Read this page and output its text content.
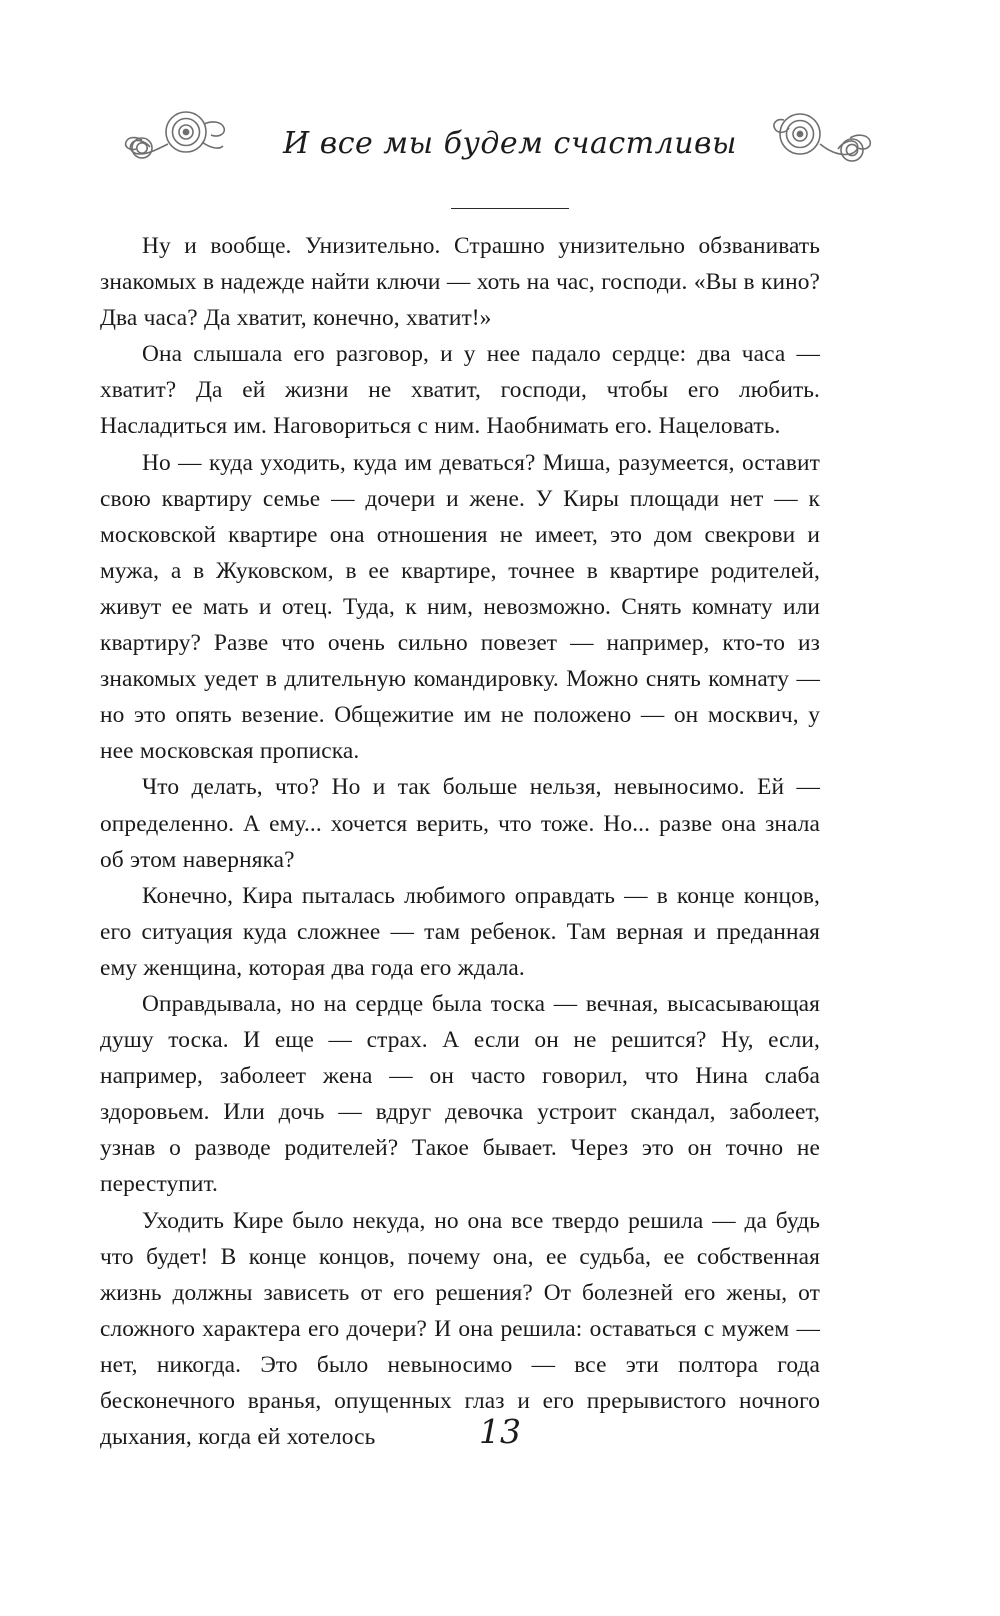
И все мы будем счастливы

Ну и вообще. Унизительно. Страшно унизительно обзванивать знакомых в надежде найти ключи — хоть на час, господи. «Вы в кино? Два часа? Да хватит, конечно, хватит!»

Она слышала его разговор, и у нее падало сердце: два часа — хватит? Да ей жизни не хватит, господи, чтобы его любить. Насладиться им. Наговориться с ним. Наобнимать его. Нацеловать.

Но — куда уходить, куда им деваться? Миша, разумеется, оставит свою квартиру семье — дочери и жене. У Киры площади нет — к московской квартире она отношения не имеет, это дом свекрови и мужа, а в Жуковском, в ее квартире, точнее в квартире родителей, живут ее мать и отец. Туда, к ним, невозможно. Снять комнату или квартиру? Разве что очень сильно повезет — например, кто-то из знакомых уедет в длительную командировку. Можно снять комнату — но это опять везение. Общежитие им не положено — он москвич, у нее московская прописка.

Что делать, что? Но и так больше нельзя, невыносимо. Ей — определенно. А ему... хочется верить, что тоже. Но... разве она знала об этом наверняка?

Конечно, Кира пыталась любимого оправдать — в конце концов, его ситуация куда сложнее — там ребенок. Там верная и преданная ему женщина, которая два года его ждала.

Оправдывала, но на сердце была тоска — вечная, высасывающая душу тоска. И еще — страх. А если он не решится? Ну, если, например, заболеет жена — он часто говорил, что Нина слаба здоровьем. Или дочь — вдруг девочка устроит скандал, заболеет, узнав о разводе родителей? Такое бывает. Через это он точно не переступит.

Уходить Кире было некуда, но она все твердо решила — да будь что будет! В конце концов, почему она, ее судьба, ее собственная жизнь должны зависеть от его решения? От болезней его жены, от сложного характера его дочери? И она решила: оставаться с мужем — нет, никогда. Это было невыносимо — все эти полтора года бесконечного вранья, опущенных глаз и его прерывистого ночного дыхания, когда ей хотелось	13
